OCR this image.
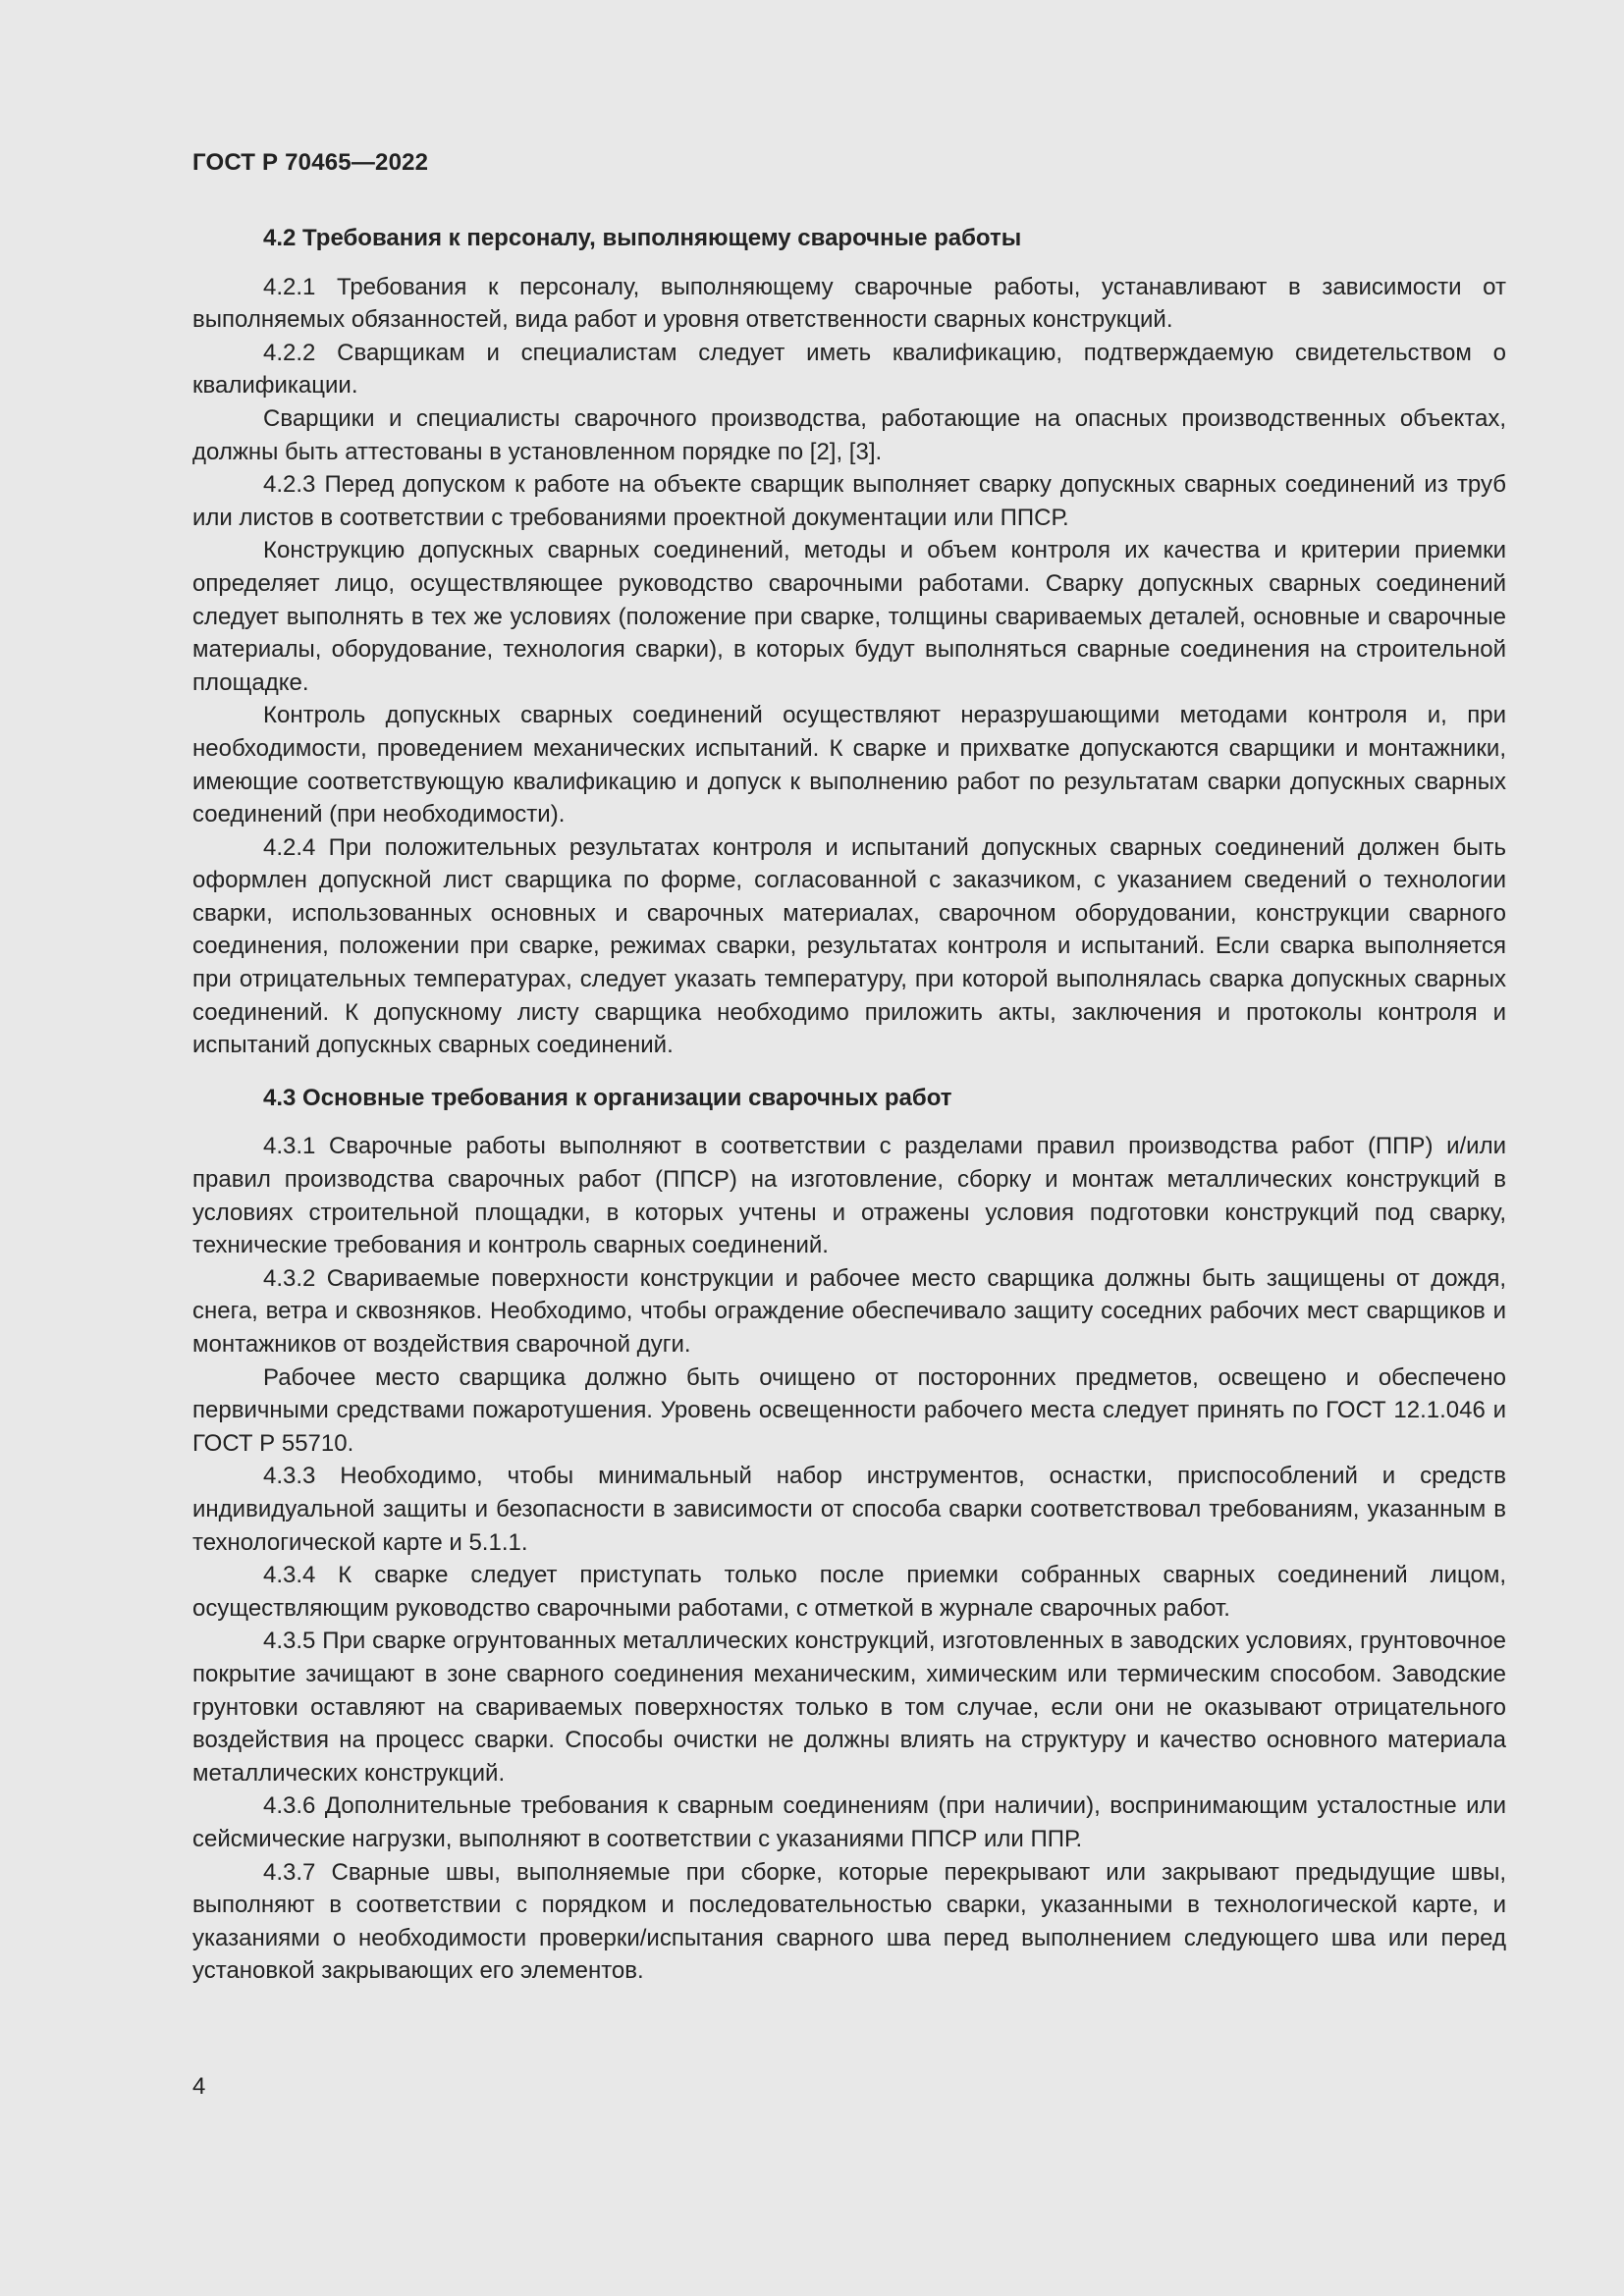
ГОСТ Р 70465—2022
4.2 Требования к персоналу, выполняющему сварочные работы

4.2.1 Требования к персоналу, выполняющему сварочные работы, устанавливают в зависимости от выполняемых обязанностей, вида работ и уровня ответственности сварных конструкций.

4.2.2 Сварщикам и специалистам следует иметь квалификацию, подтверждаемую свидетельством о квалификации.

Сварщики и специалисты сварочного производства, работающие на опасных производственных объектах, должны быть аттестованы в установленном порядке по [2], [3].

4.2.3 Перед допуском к работе на объекте сварщик выполняет сварку допускных сварных соединений из труб или листов в соответствии с требованиями проектной документации или ППСР.

Конструкцию допускных сварных соединений, методы и объем контроля их качества и критерии приемки определяет лицо, осуществляющее руководство сварочными работами. Сварку допускных сварных соединений следует выполнять в тех же условиях (положение при сварке, толщины свариваемых деталей, основные и сварочные материалы, оборудование, технология сварки), в которых будут выполняться сварные соединения на строительной площадке.

Контроль допускных сварных соединений осуществляют неразрушающими методами контроля и, при необходимости, проведением механических испытаний. К сварке и прихватке допускаются сварщики и монтажники, имеющие соответствующую квалификацию и допуск к выполнению работ по результатам сварки допускных сварных соединений (при необходимости).

4.2.4 При положительных результатах контроля и испытаний допускных сварных соединений должен быть оформлен допускной лист сварщика по форме, согласованной с заказчиком, с указанием сведений о технологии сварки, использованных основных и сварочных материалах, сварочном оборудовании, конструкции сварного соединения, положении при сварке, режимах сварки, результатах контроля и испытаний. Если сварка выполняется при отрицательных температурах, следует указать температуру, при которой выполнялась сварка допускных сварных соединений. К допускному листу сварщика необходимо приложить акты, заключения и протоколы контроля и испытаний допускных сварных соединений.

4.3 Основные требования к организации сварочных работ

4.3.1 Сварочные работы выполняют в соответствии с разделами правил производства работ (ППР) и/или правил производства сварочных работ (ППСР) на изготовление, сборку и монтаж металлических конструкций в условиях строительной площадки, в которых учтены и отражены условия подготовки конструкций под сварку, технические требования и контроль сварных соединений.

4.3.2 Свариваемые поверхности конструкции и рабочее место сварщика должны быть защищены от дождя, снега, ветра и сквозняков. Необходимо, чтобы ограждение обеспечивало защиту соседних рабочих мест сварщиков и монтажников от воздействия сварочной дуги.

Рабочее место сварщика должно быть очищено от посторонних предметов, освещено и обеспечено первичными средствами пожаротушения. Уровень освещенности рабочего места следует принять по ГОСТ 12.1.046 и ГОСТ Р 55710.

4.3.3 Необходимо, чтобы минимальный набор инструментов, оснастки, приспособлений и средств индивидуальной защиты и безопасности в зависимости от способа сварки соответствовал требованиям, указанным в технологической карте и 5.1.1.

4.3.4 К сварке следует приступать только после приемки собранных сварных соединений лицом, осуществляющим руководство сварочными работами, с отметкой в журнале сварочных работ.

4.3.5 При сварке огрунтованных металлических конструкций, изготовленных в заводских условиях, грунтовочное покрытие зачищают в зоне сварного соединения механическим, химическим или термическим способом. Заводские грунтовки оставляют на свариваемых поверхностях только в том случае, если они не оказывают отрицательного воздействия на процесс сварки. Способы очистки не должны влиять на структуру и качество основного материала металлических конструкций.

4.3.6 Дополнительные требования к сварным соединениям (при наличии), воспринимающим усталостные или сейсмические нагрузки, выполняют в соответствии с указаниями ППСР или ППР.

4.3.7 Сварные швы, выполняемые при сборке, которые перекрывают или закрывают предыдущие швы, выполняют в соответствии с порядком и последовательностью сварки, указанными в технологической карте, и указаниями о необходимости проверки/испытания сварного шва перед выполнением следующего шва или перед установкой закрывающих его элементов.

4
